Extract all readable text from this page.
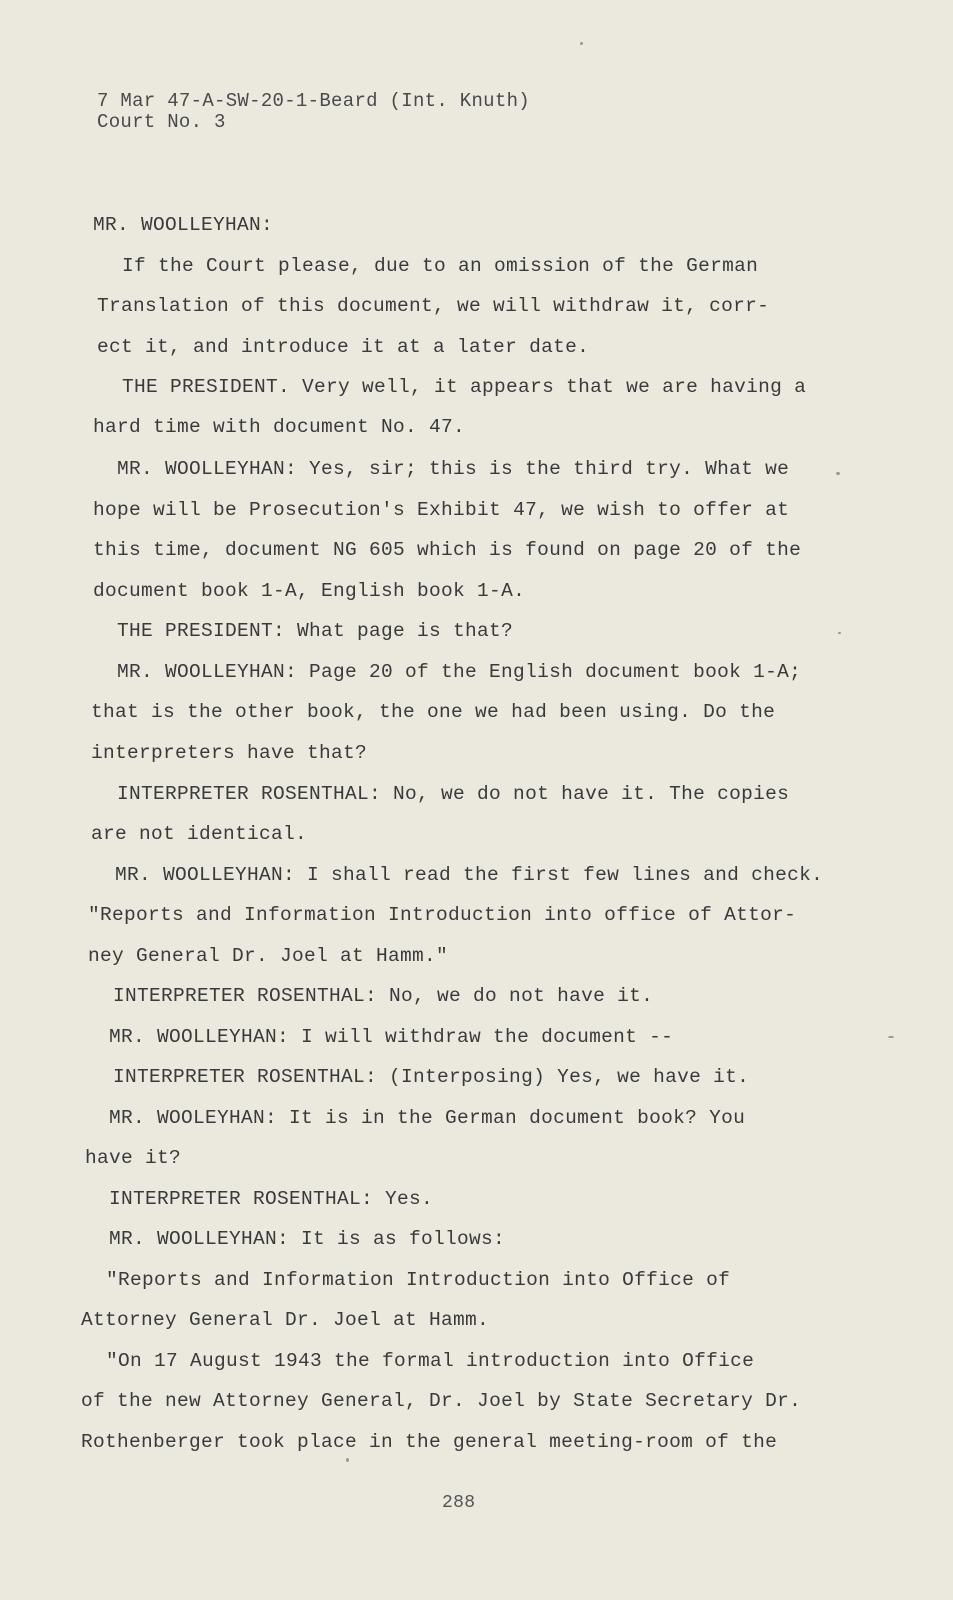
7 Mar 47-A-SW-20-1-Beard (Int. Knuth)
Court No. 3
MR. WOOLLEYHAN:
If the Court please, due to an omission of the German
Translation of this document, we will withdraw it, corr-
ect it, and introduce it at a later date.
THE PRESIDENT. Very well, it appears that we are having a
hard time with document No. 47.
MR. WOOLLEYHAN: Yes, sir; this is the third try. What we
hope will be Prosecution's Exhibit 47, we wish to offer at
this time, document NG 605 which is found on page 20 of the
document book 1-A, English book 1-A.
THE PRESIDENT: What page is that?
MR. WOOLLEYHAN: Page 20 of the English document book 1-A;
that is the other book, the one we had been using. Do the
interpreters have that?
INTERPRETER ROSENTHAL: No, we do not have it. The copies
are not identical.
MR. WOOLLEYHAN: I shall read the first few lines and check.
"Reports and Information Introduction into office of Attor-
ney General Dr. Joel at Hamm."
INTERPRETER ROSENTHAL: No, we do not have it.
MR. WOOLLEYHAN: I will withdraw the document --
INTERPRETER ROSENTHAL: (Interposing) Yes, we have it.
MR. WOOLEYHAN: It is in the German document book? You
have it?
INTERPRETER ROSENTHAL: Yes.
MR. WOOLLEYHAN: It is as follows:
"Reports and Information Introduction into Office of
Attorney General Dr. Joel at Hamm.
"On 17 August 1943 the formal introduction into Office
of the new Attorney General, Dr. Joel by State Secretary Dr.
Rothenberger took place in the general meeting-room of the
288
